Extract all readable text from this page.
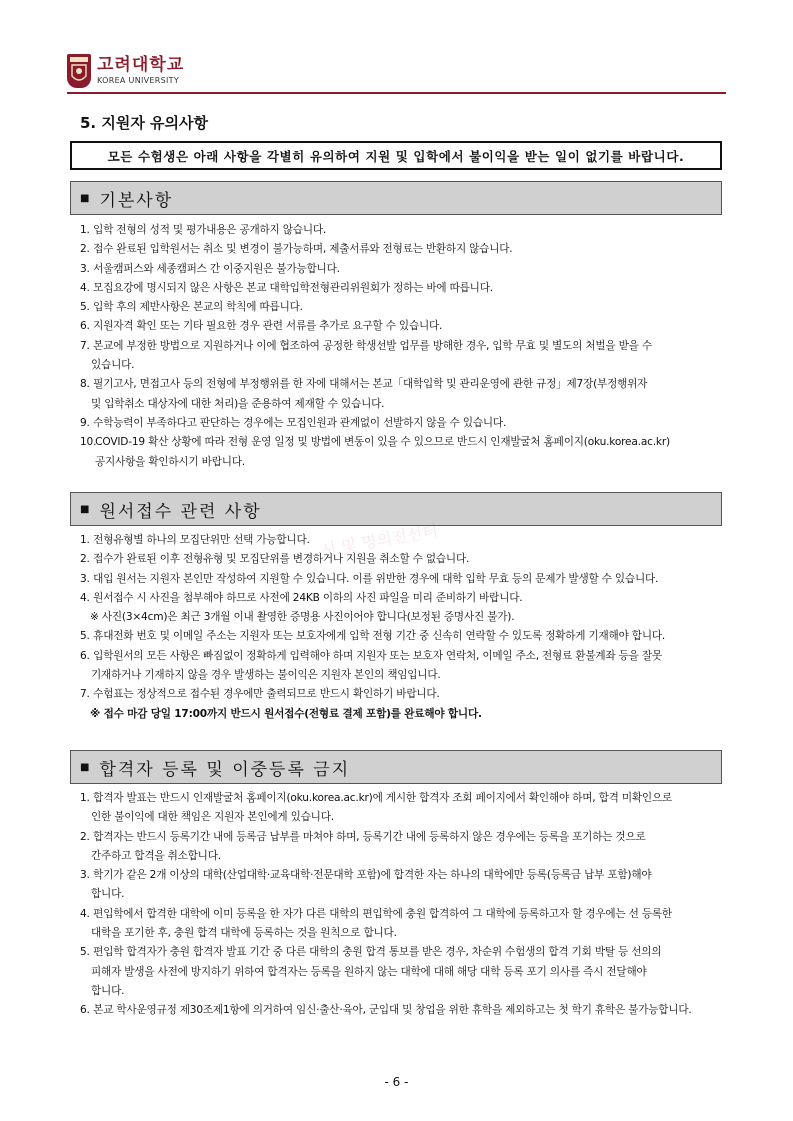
고려대학교
KOREA UNIVERSITY
5. 지원자 유의사항
모든 수험생은 아래 사항을 각별히 유의하여 지원 및 입학에서 불이익을 받는 일이 없기를 바랍니다.
■ 기본사항
1. 입학 전형의 성적 및 평가내용은 공개하지 않습니다.
2. 접수 완료된 입학원서는 취소 및 변경이 불가능하며, 제출서류와 전형료는 반환하지 않습니다.
3. 서울캠퍼스와 세종캠퍼스 간 이중지원은 불가능합니다.
4. 모집요강에 명시되지 않은 사항은 본교 대학입학전형관리위원회가 정하는 바에 따릅니다.
5. 입학 후의 제반사항은 본교의 학칙에 따릅니다.
6. 지원자격 확인 또는 기타 필요한 경우 관련 서류를 추가로 요구할 수 있습니다.
7. 본교에 부정한 방법으로 지원하거나 이에 협조하여 공정한 학생선발 업무를 방해한 경우, 입학 무효 및 별도의 처벌을 받을 수
있습니다.
8. 필기고사, 면접고사 등의 전형에 부정행위를 한 자에 대해서는 본교「대학입학 및 관리운영에 관한 규정」제7장(부정행위자
및 입학취소 대상자에 대한 처리)을 준용하여 제재할 수 있습니다.
9. 수학능력이 부족하다고 판단하는 경우에는 모집인원과 관계없이 선발하지 않을 수 있습니다.
10. COVID-19 확산 상황에 따라 전형 운영 일정 및 방법에 변동이 있을 수 있으므로 반드시 인재발굴처 홈페이지(oku.korea.ac.kr)
공지사항을 확인하시기 바랍니다.
■ 원서접수 관련 사항
시 및 명의전선터
1. 전형유형별 하나의 모집단위만 선택 가능합니다.
2. 접수가 완료된 이후 전형유형 및 모집단위를 변경하거나 지원을 취소할 수 없습니다.
3. 대입 원서는 지원자 본인만 작성하여 지원할 수 있습니다. 이를 위반한 경우에 대학 입학 무효 등의 문제가 발생할 수 있습니다.
4. 원서접수 시 사진을 첨부해야 하므로 사전에 24KB 이하의 사진 파일을 미리 준비하기 바랍니다.
※ 사진(3×4cm)은 최근 3개월 이내 촬영한 증명용 사진이어야 합니다(보정된 증명사진 불가).
5. 휴대전화 번호 및 이메일 주소는 지원자 또는 보호자에게 입학 전형 기간 중 신속히 연락할 수 있도록 정확하게 기재해야 합니다.
6. 입학원서의 모든 사항은 빠짐없이 정확하게 입력해야 하며 지원자 또는 보호자 연락처, 이메일 주소, 전형료 환불계좌 등을 잘못
기재하거나 기재하지 않을 경우 발생하는 불이익은 지원자 본인의 책임입니다.
7. 수험표는 정상적으로 접수된 경우에만 출력되므로 반드시 확인하기 바랍니다.
※ 접수 마감 당일 17:00까지 반드시 원서접수(전형료 결제 포함)를 완료해야 합니다.
■ 합격자 등록 및 이중등록 금지
1. 합격자 발표는 반드시 인재발굴처 홈페이지(oku.korea.ac.kr)에 게시한 합격자 조회 페이지에서 확인해야 하며, 합격 미확인으로
인한 불이익에 대한 책임은 지원자 본인에게 있습니다.
2. 합격자는 반드시 등록기간 내에 등록금 납부를 마쳐야 하며, 등록기간 내에 등록하지 않은 경우에는 등록을 포기하는 것으로
간주하고 합격을 취소합니다.
3. 학기가 같은 2개 이상의 대학(산업대학·교육대학·전문대학 포함)에 합격한 자는 하나의 대학에만 등록(등록금 납부 포함)해야
합니다.
4. 편입학에서 합격한 대학에 이미 등록을 한 자가 다른 대학의 편입학에 충원 합격하여 그 대학에 등록하고자 할 경우에는 선 등록한
대학을 포기한 후, 충원 합격 대학에 등록하는 것을 원칙으로 합니다.
5. 편입학 합격자가 충원 합격자 발표 기간 중 다른 대학의 충원 합격 통보를 받은 경우, 차순위 수험생의 합격 기회 박탈 등 선의의
피해자 발생을 사전에 방지하기 위하여 합격자는 등록을 원하지 않는 대학에 대해 해당 대학 등록 포기 의사를 즉시 전달해야
합니다.
6. 본교 학사운영규정 제30조제1항에 의거하여 임신·출산·육아, 군입대 및 창업을 위한 휴학을 제외하고는 첫 학기 휴학은 불가능합니다.
- 6 -
